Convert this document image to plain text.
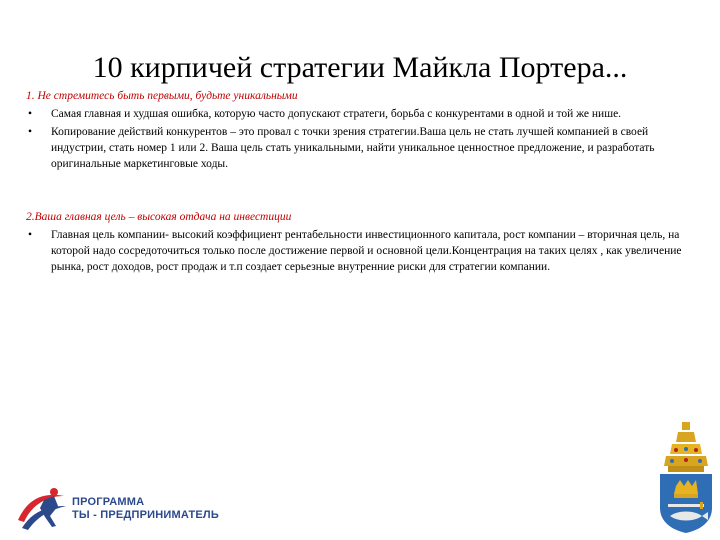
10 кирпичей стратегии Майкла Портера...

1. Не стремитесь быть первыми, будьте уникальными

• Самая главная и худшая ошибка, которую часто допускают стратеги, борьба с конкурентами в одной и той же нише.
• Копирование действий конкурентов – это провал с точки зрения стратегии.Ваша цель не стать лучшей компанией в своей индустрии, стать номер 1 или 2. Ваша цель стать уникальными, найти уникальное ценностное предложение, и разработать оригинальные маркетинговые ходы.

2.Ваша главная цель – высокая отдача на инвестиции

• Главная цель компании- высокий коэффициент рентабельности инвестиционного капитала, рост компании – вторичная цель, на которой надо сосредоточиться только после достижение первой и основной цели.Концентрация на таких целях , как увеличение рынка, рост доходов, рост продаж и т.п создает серьезные внутренние риски для стратегии компании.
ПРОГРАММА
ТЫ - ПРЕДПРИНИМАТЕЛЬ
